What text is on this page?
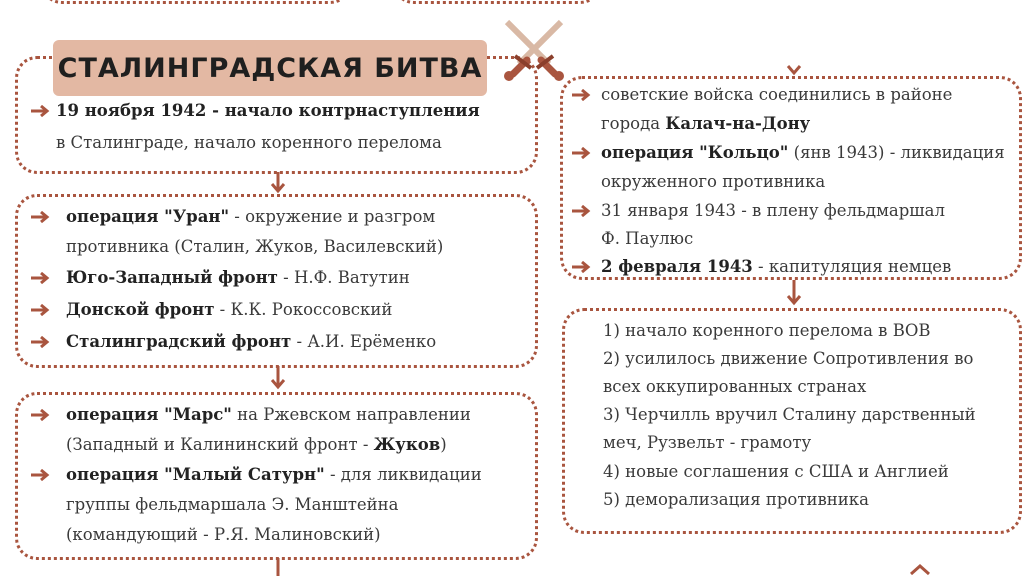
СТАЛИНГРАДСКАЯ БИТВА
19 ноября 1942 - начало контрнаступления
в Сталинграде, начало коренного перелома
операция "Уран" - окружение и разгром
противника (Сталин, Жуков, Василевский)
Юго-Западный фронт - Н.Ф. Ватутин
Донской фронт - К.К. Рокоссовский
Сталинградский фронт - А.И. Ерёменко
операция "Марс" на Ржевском направлении
(Западный и Калининский фронт - Жуков)
операция "Малый Сатурн" - для ликвидации
группы фельдмаршала Э. Манштейна
(командующий - Р.Я. Малиновский)
советские войска соединились в районе
города Калач-на-Дону
операция "Кольцо" (янв 1943) - ликвидация
окруженного противника
31 января 1943 - в плену фельдмаршал
Ф. Паулюс
2 февраля 1943 - капитуляция немцев
1) начало коренного перелома в ВОВ
2) усилилось движение Сопротивления во
всех оккупированных странах
3) Черчилль вручил Сталину дарственный
меч, Рузвельт - грамоту
4) новые соглашения с США и Англией
5) деморализация противника
